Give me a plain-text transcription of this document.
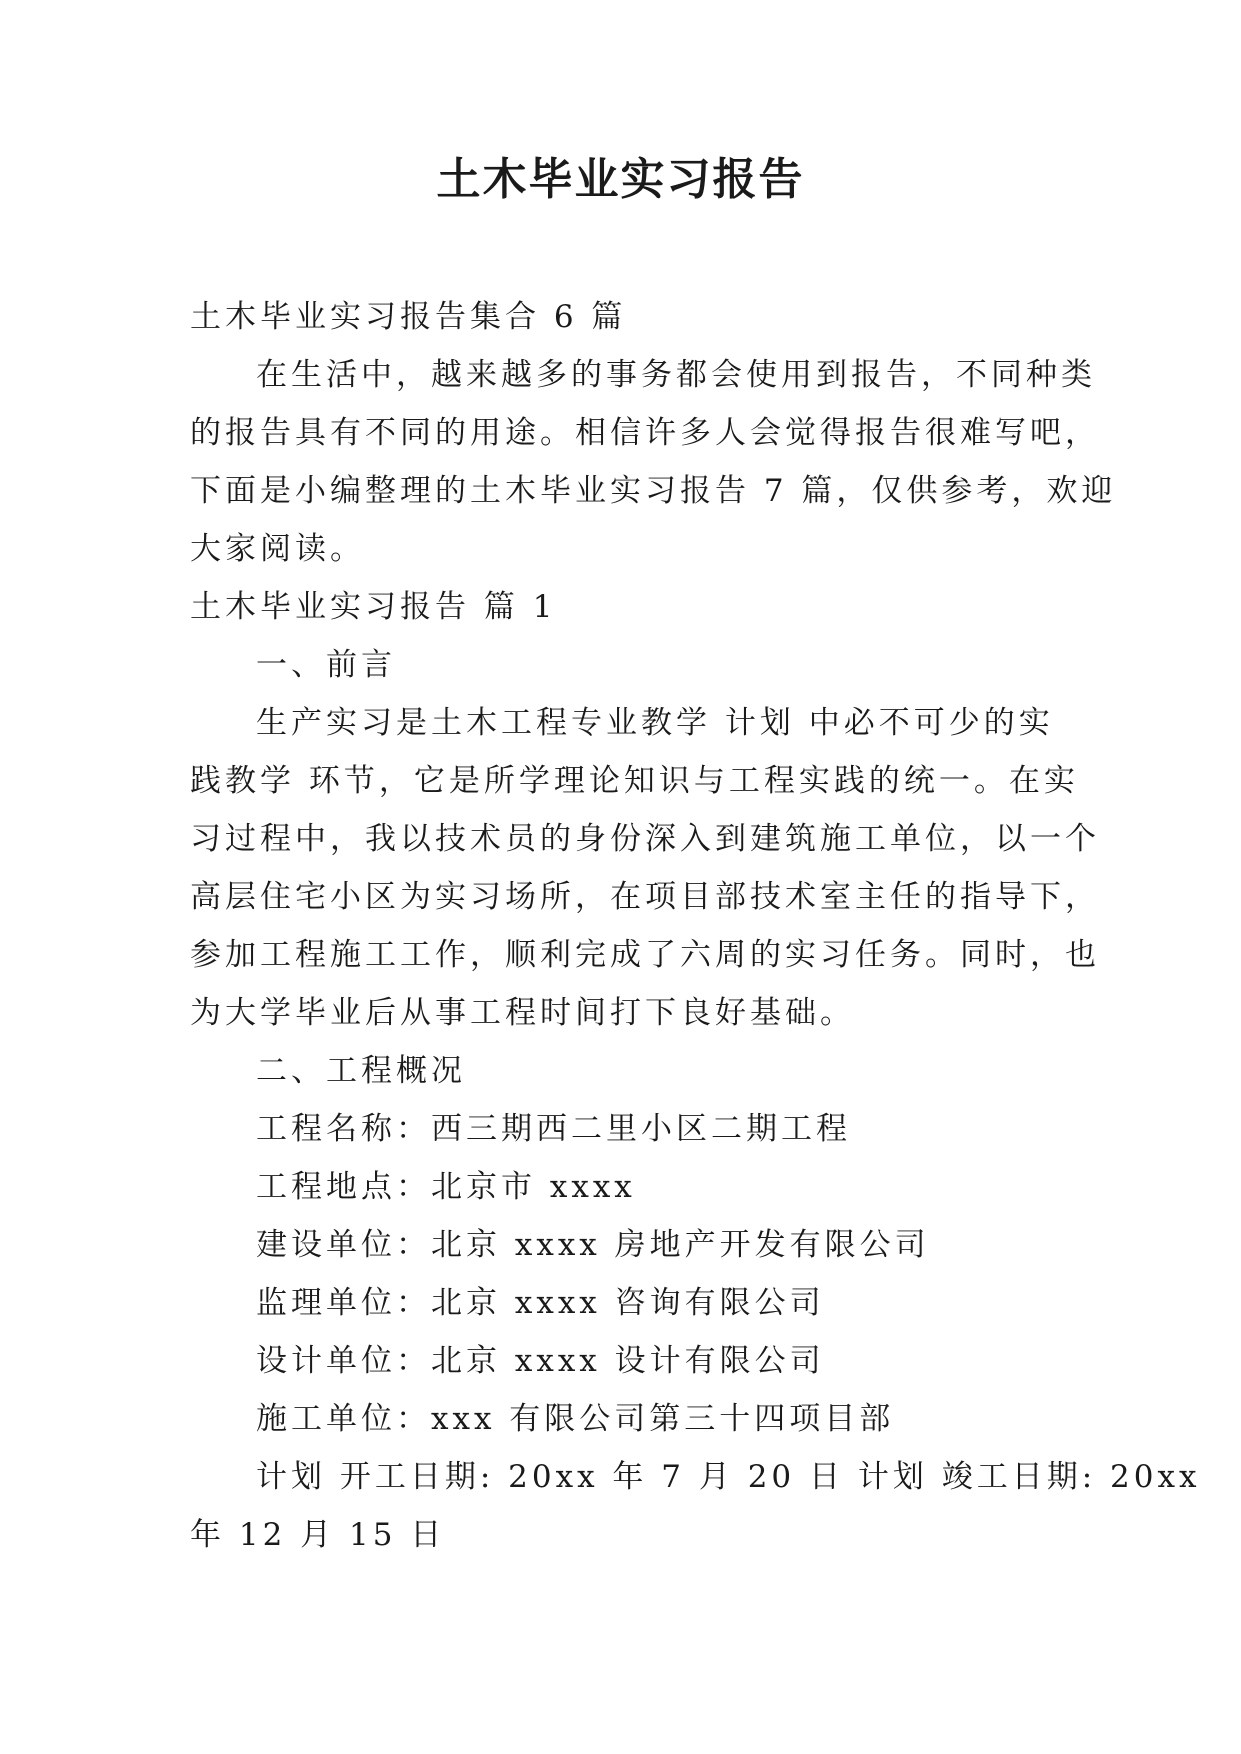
土木毕业实习报告

土木毕业实习报告集合 6 篇

在生活中，越来越多的事务都会使用到报告，不同种类

的报告具有不同的用途。相信许多人会觉得报告很难写吧，

下面是小编整理的土木毕业实习报告 7 篇，仅供参考，欢迎

大家阅读。

土木毕业实习报告 篇 1

一、前言

生产实习是土木工程专业教学 计划 中必不可少的实

践教学 环节，它是所学理论知识与工程实践的统一。在实

习过程中，我以技术员的身份深入到建筑施工单位，以一个

高层住宅小区为实习场所，在项目部技术室主任的指导下，

参加工程施工工作，顺利完成了六周的实习任务。同时，也

为大学毕业后从事工程时间打下良好基础。

二、工程概况

工程名称：西三期西二里小区二期工程

工程地点：北京市 xxxx

建设单位：北京 xxxx 房地产开发有限公司

监理单位：北京 xxxx 咨询有限公司

设计单位：北京 xxxx 设计有限公司

施工单位：xxx 有限公司第三十四项目部

计划 开工日期: 20xx 年 7 月 20 日 计划 竣工日期: 20xx

年 12 月 15 日
